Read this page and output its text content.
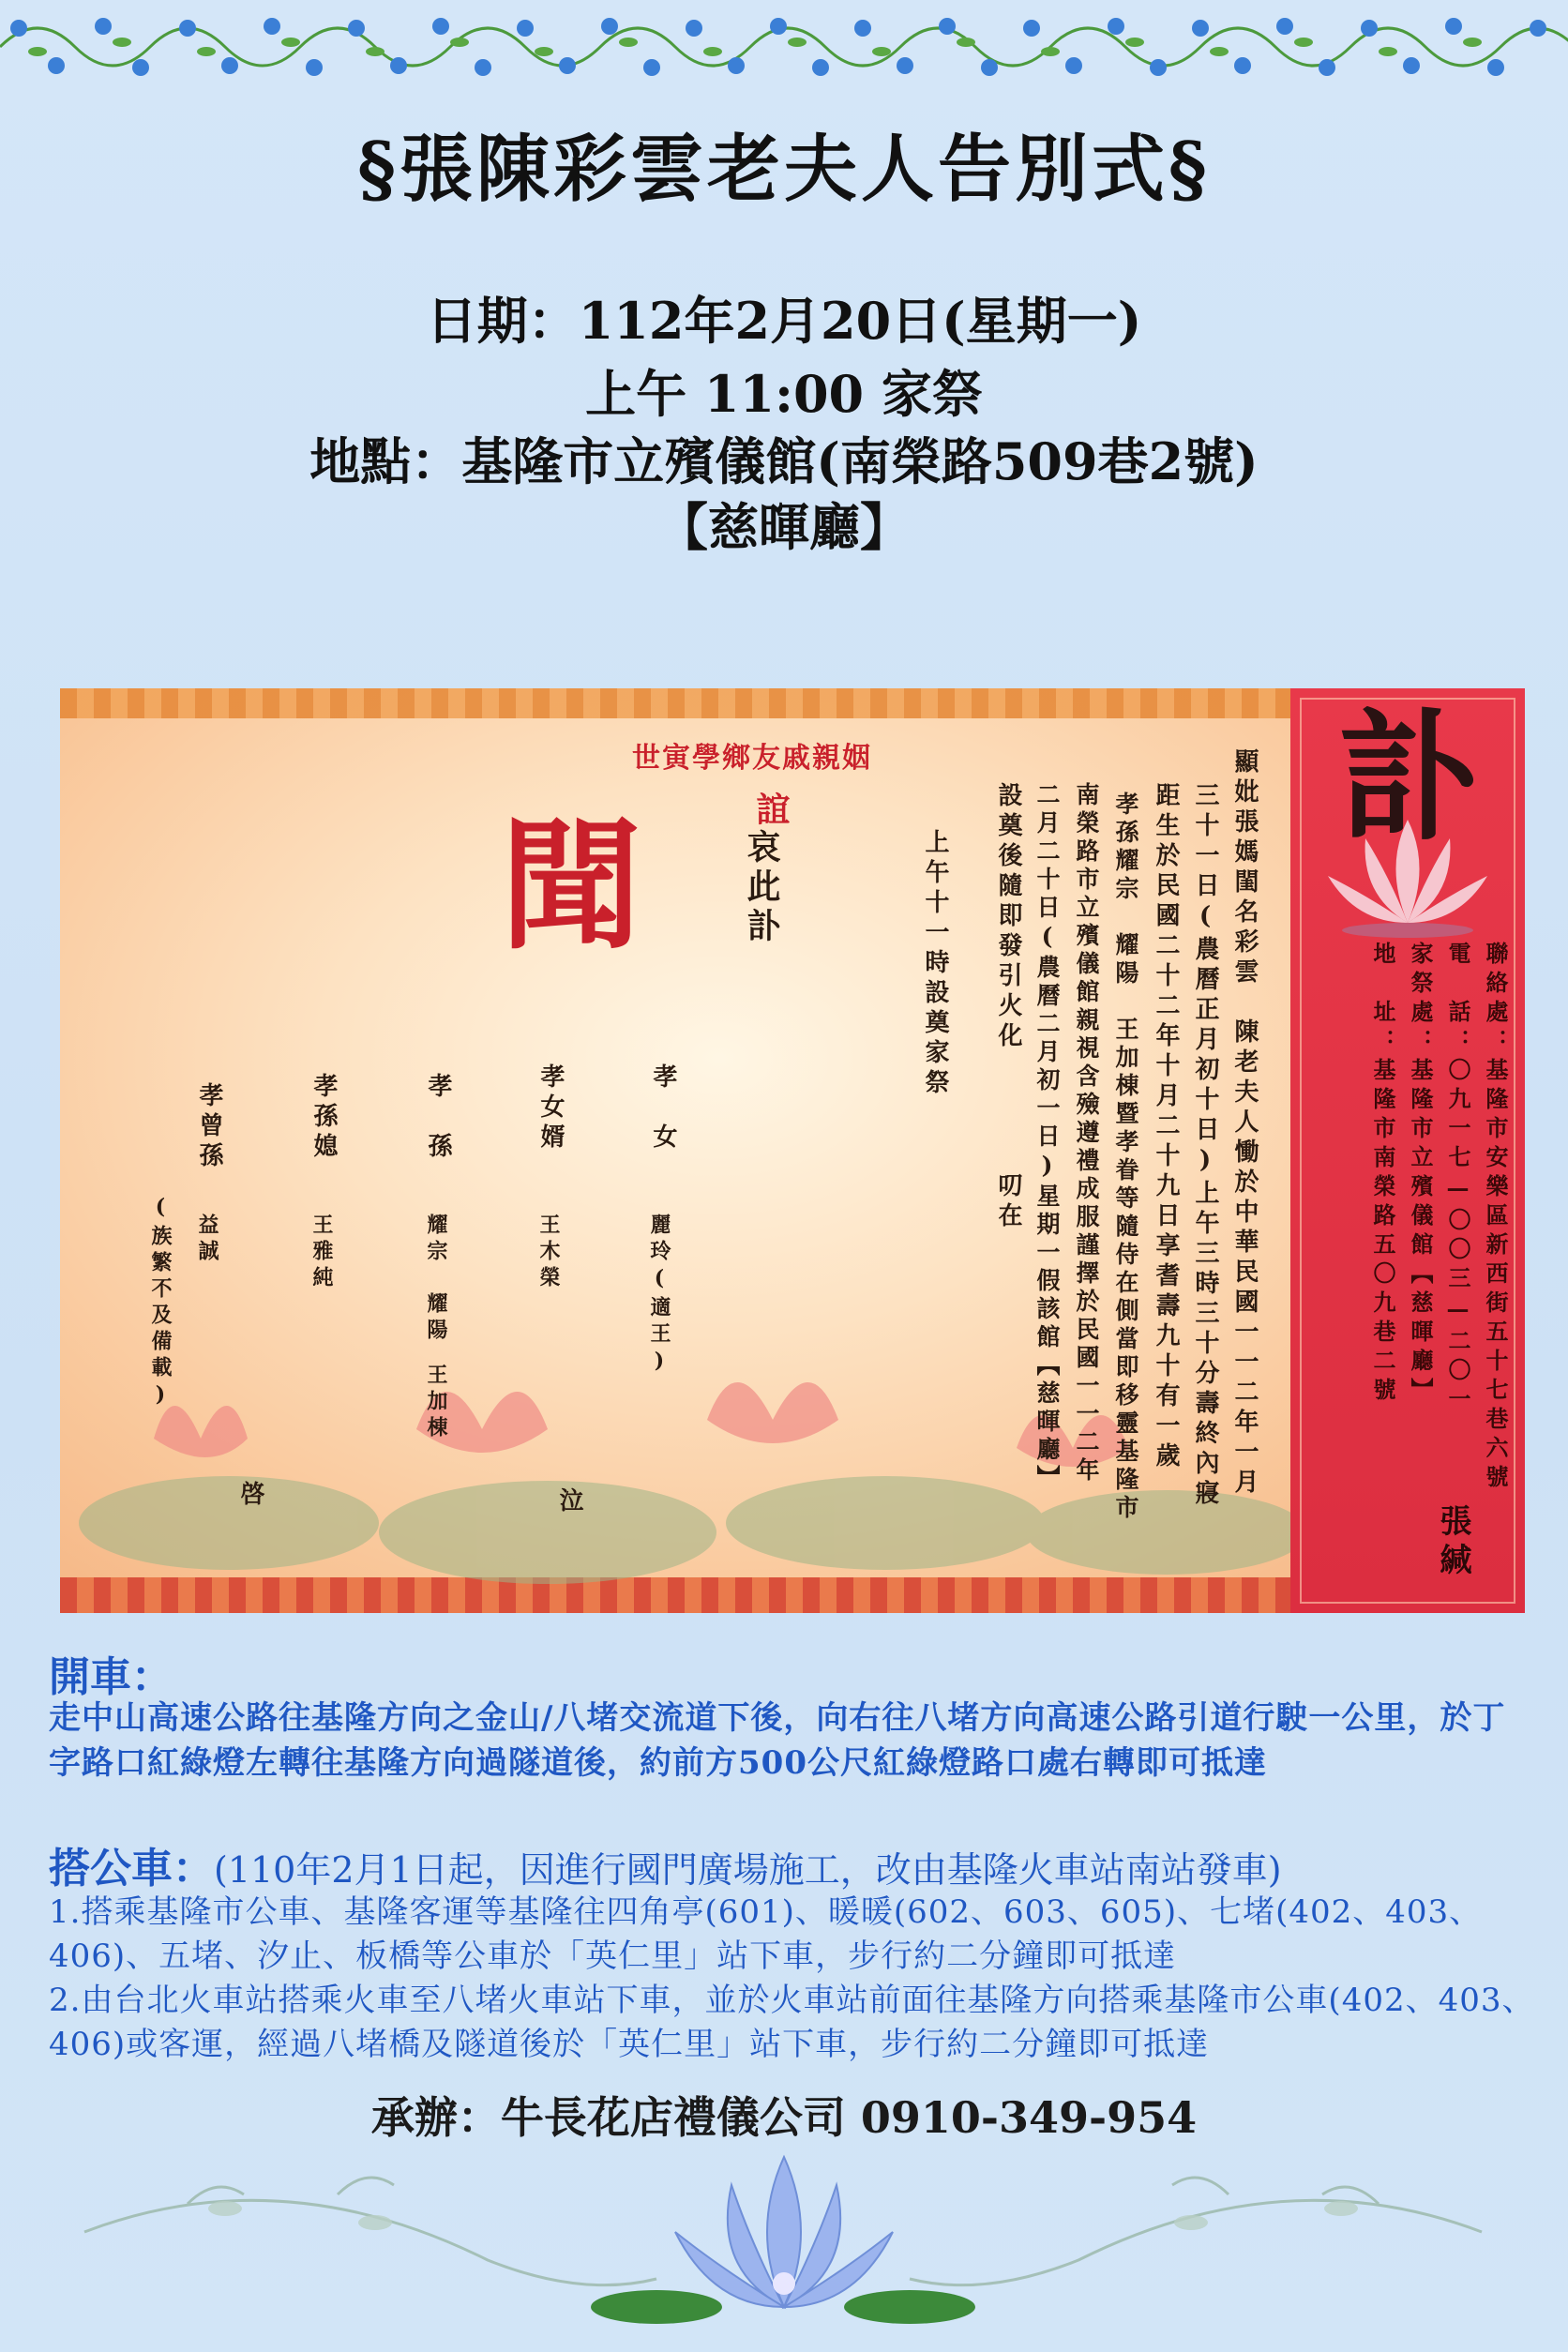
§張陳彩雲老夫人告別式§
日期：112年2月20日(星期一)
上午 11:00 家祭
地點：基隆市立殯儀館(南榮路509巷2號)
【慈暉廳】
聞
世寅學鄉友戚親姻
誼
哀此訃	顯妣張媽閨名彩雲　陳老夫人慟於中華民國一一二年一月
三十一日(農曆正月初十日)上午三時三十分壽終內寢
距生於民國二十二年十月二十九日享耆壽九十有一歲
孝孫耀宗　耀陽　王加棟暨孝眷等隨侍在側當即移靈基隆市
南榮路市立殯儀館親視含殮遵禮成服謹擇於民國一一二年
二月二十日(農曆二月初一日)星期一假該館【慈暉廳】
設奠後隨即發引火化　　　　叨在
上午十一時設奠家祭
孝　女
麗玲(適王)
孝女婿
王木榮
孝　孫
耀宗　耀陽
王加棟
孝孫媳
王雅純
孝曾孫
益誠
(族繁不及備載)
泣
啓
訃
聯絡處：基隆市安樂區新西街五十七巷六號
電　話：〇九一七—〇〇三—二〇一
家祭處：基隆市立殯儀館【慈暉廳】
地　址：基隆市南榮路五〇九巷二號
張緘
開車：
走中山高速公路往基隆方向之金山/八堵交流道下後，向右往八堵方向高速公路引道行駛一公里，於丁字路口紅綠燈左轉往基隆方向過隧道後，約前方500公尺紅綠燈路口處右轉即可抵達
搭公車：(110年2月1日起，因進行國門廣場施工，改由基隆火車站南站發車)
1.搭乘基隆市公車、基隆客運等基隆往四角亭(601)、暖暖(602、603、605)、七堵(402、403、406)、五堵、汐止、板橋等公車於「英仁里」站下車，步行約二分鐘即可抵達
2.由台北火車站搭乘火車至八堵火車站下車，並於火車站前面往基隆方向搭乘基隆市公車(402、403、406)或客運，經過八堵橋及隧道後於「英仁里」站下車，步行約二分鐘即可抵達
承辦：牛長花店禮儀公司 0910-349-954
